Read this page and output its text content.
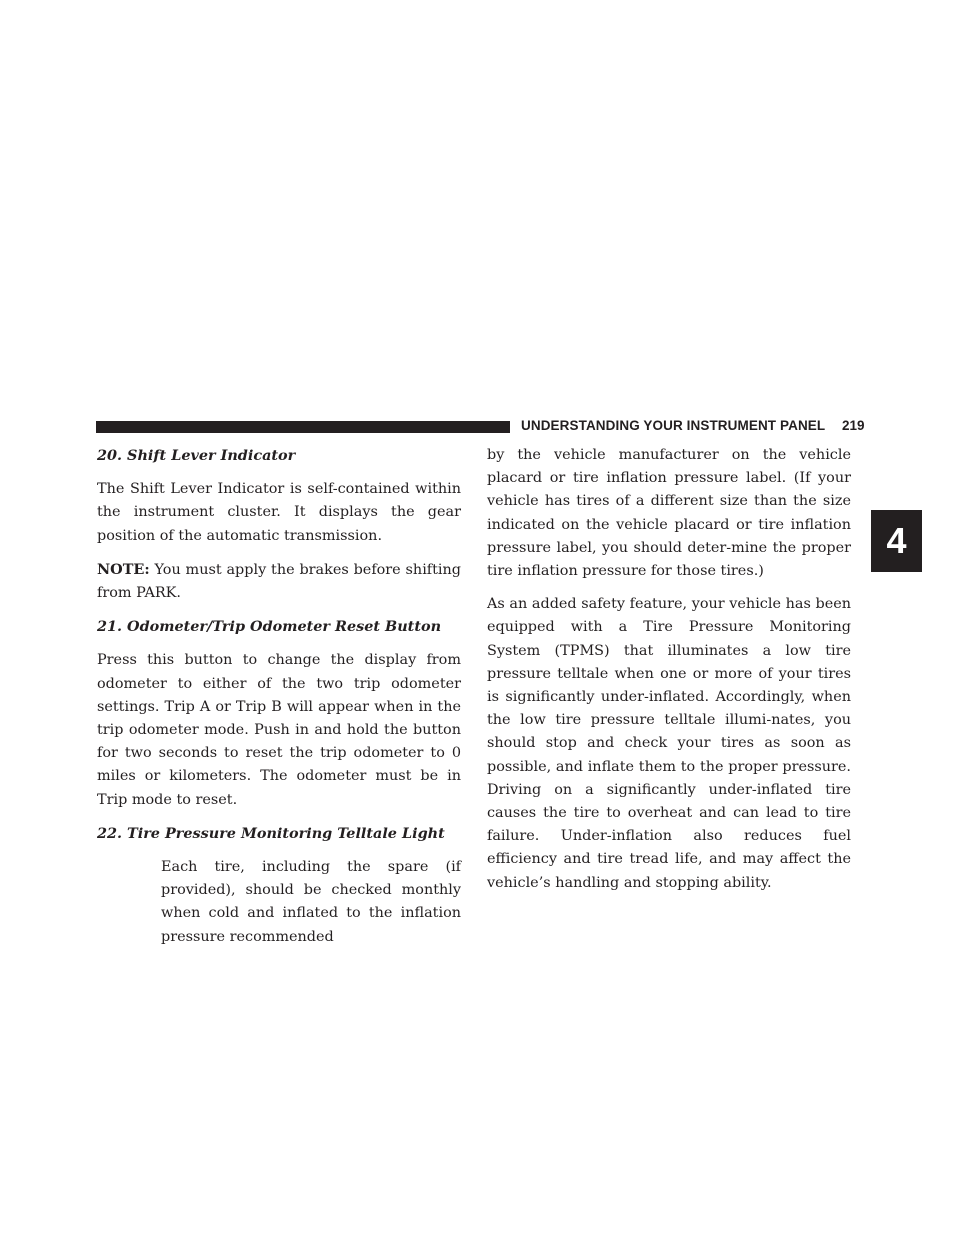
UNDERSTANDING YOUR INSTRUMENT PANEL 219
4

20. Shift Lever Indicator

The Shift Lever Indicator is self-contained within the instrument cluster. It displays the gear position of the automatic transmission.

NOTE: You must apply the brakes before shifting from PARK.

21. Odometer/Trip Odometer Reset Button

Press this button to change the display from odometer to either of the two trip odometer settings. Trip A or Trip B will appear when in the trip odometer mode. Push in and hold the button for two seconds to reset the trip odometer to 0 miles or kilometers. The odometer must be in Trip mode to reset.

22. Tire Pressure Monitoring Telltale Light

Each tire, including the spare (if provided), should be checked monthly when cold and inflated to the inflation pressure recommended

by the vehicle manufacturer on the vehicle placard or tire inflation pressure label. (If your vehicle has tires of a different size than the size indicated on the vehicle placard or tire inflation pressure label, you should deter-mine the proper tire inflation pressure for those tires.)

As an added safety feature, your vehicle has been equipped with a Tire Pressure Monitoring System (TPMS) that illuminates a low tire pressure telltale when one or more of your tires is significantly under-inflated. Accordingly, when the low tire pressure telltale illumi-nates, you should stop and check your tires as soon as possible, and inflate them to the proper pressure. Driving on a significantly under-inflated tire causes the tire to overheat and can lead to tire failure. Under-inflation also reduces fuel efficiency and tire tread life, and may affect the vehicle’s handling and stopping ability.
